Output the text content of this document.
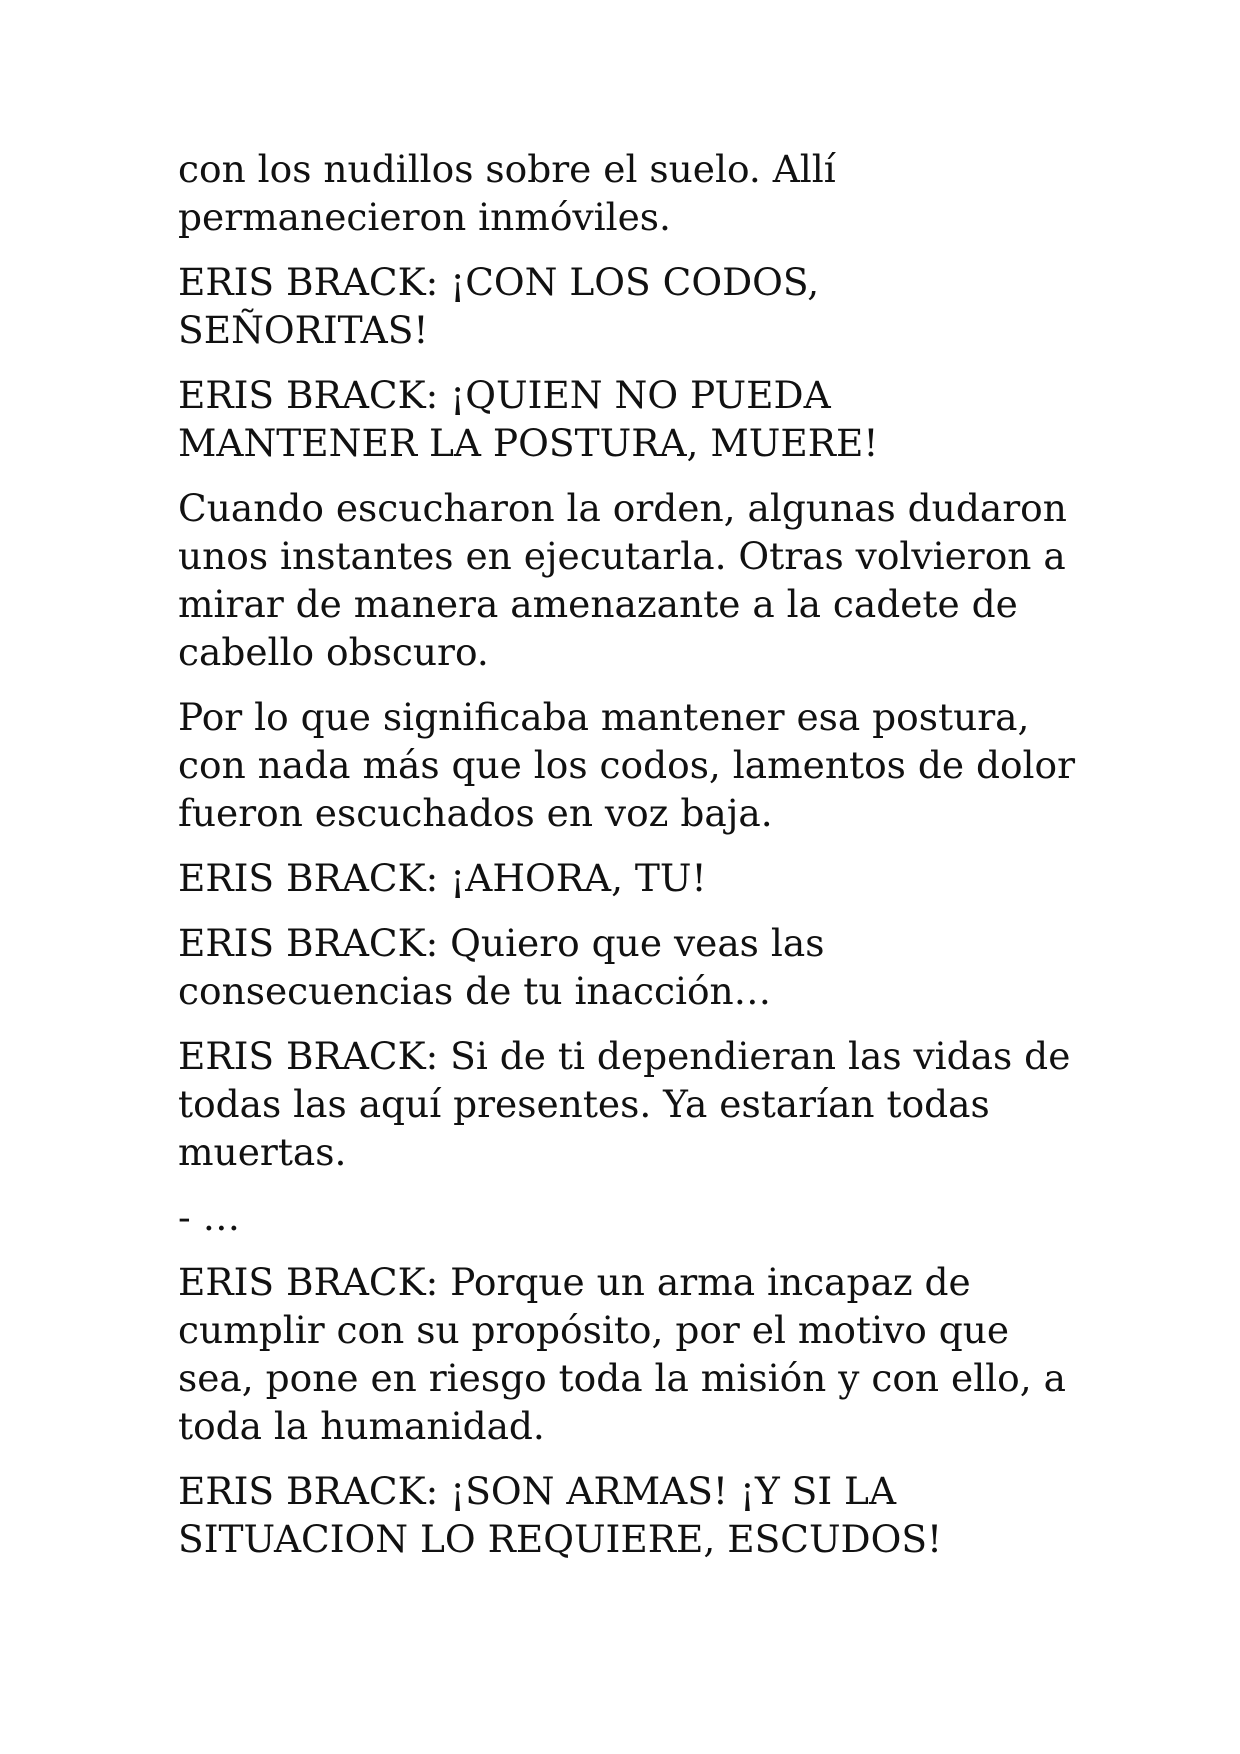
con los nudillos sobre el suelo. Allí permanecieron inmóviles.

ERIS BRACK: ¡CON LOS CODOS, SEÑORITAS!

ERIS BRACK: ¡QUIEN NO PUEDA MANTENER LA POSTURA, MUERE!

Cuando escucharon la orden, algunas dudaron unos instantes en ejecutarla. Otras volvieron a mirar de manera amenazante a la cadete de cabello obscuro.

Por lo que significaba mantener esa postura, con nada más que los codos, lamentos de dolor fueron escuchados en voz baja.

ERIS BRACK: ¡AHORA, TU!

ERIS BRACK: Quiero que veas las consecuencias de tu inacción…

ERIS BRACK: Si de ti dependieran las vidas de todas las aquí presentes. Ya estarían todas muertas.

- …

ERIS BRACK: Porque un arma incapaz de cumplir con su propósito, por el motivo que sea, pone en riesgo toda la misión y con ello, a toda la humanidad.

ERIS BRACK: ¡SON ARMAS! ¡Y SI LA SITUACION LO REQUIERE, ESCUDOS!
